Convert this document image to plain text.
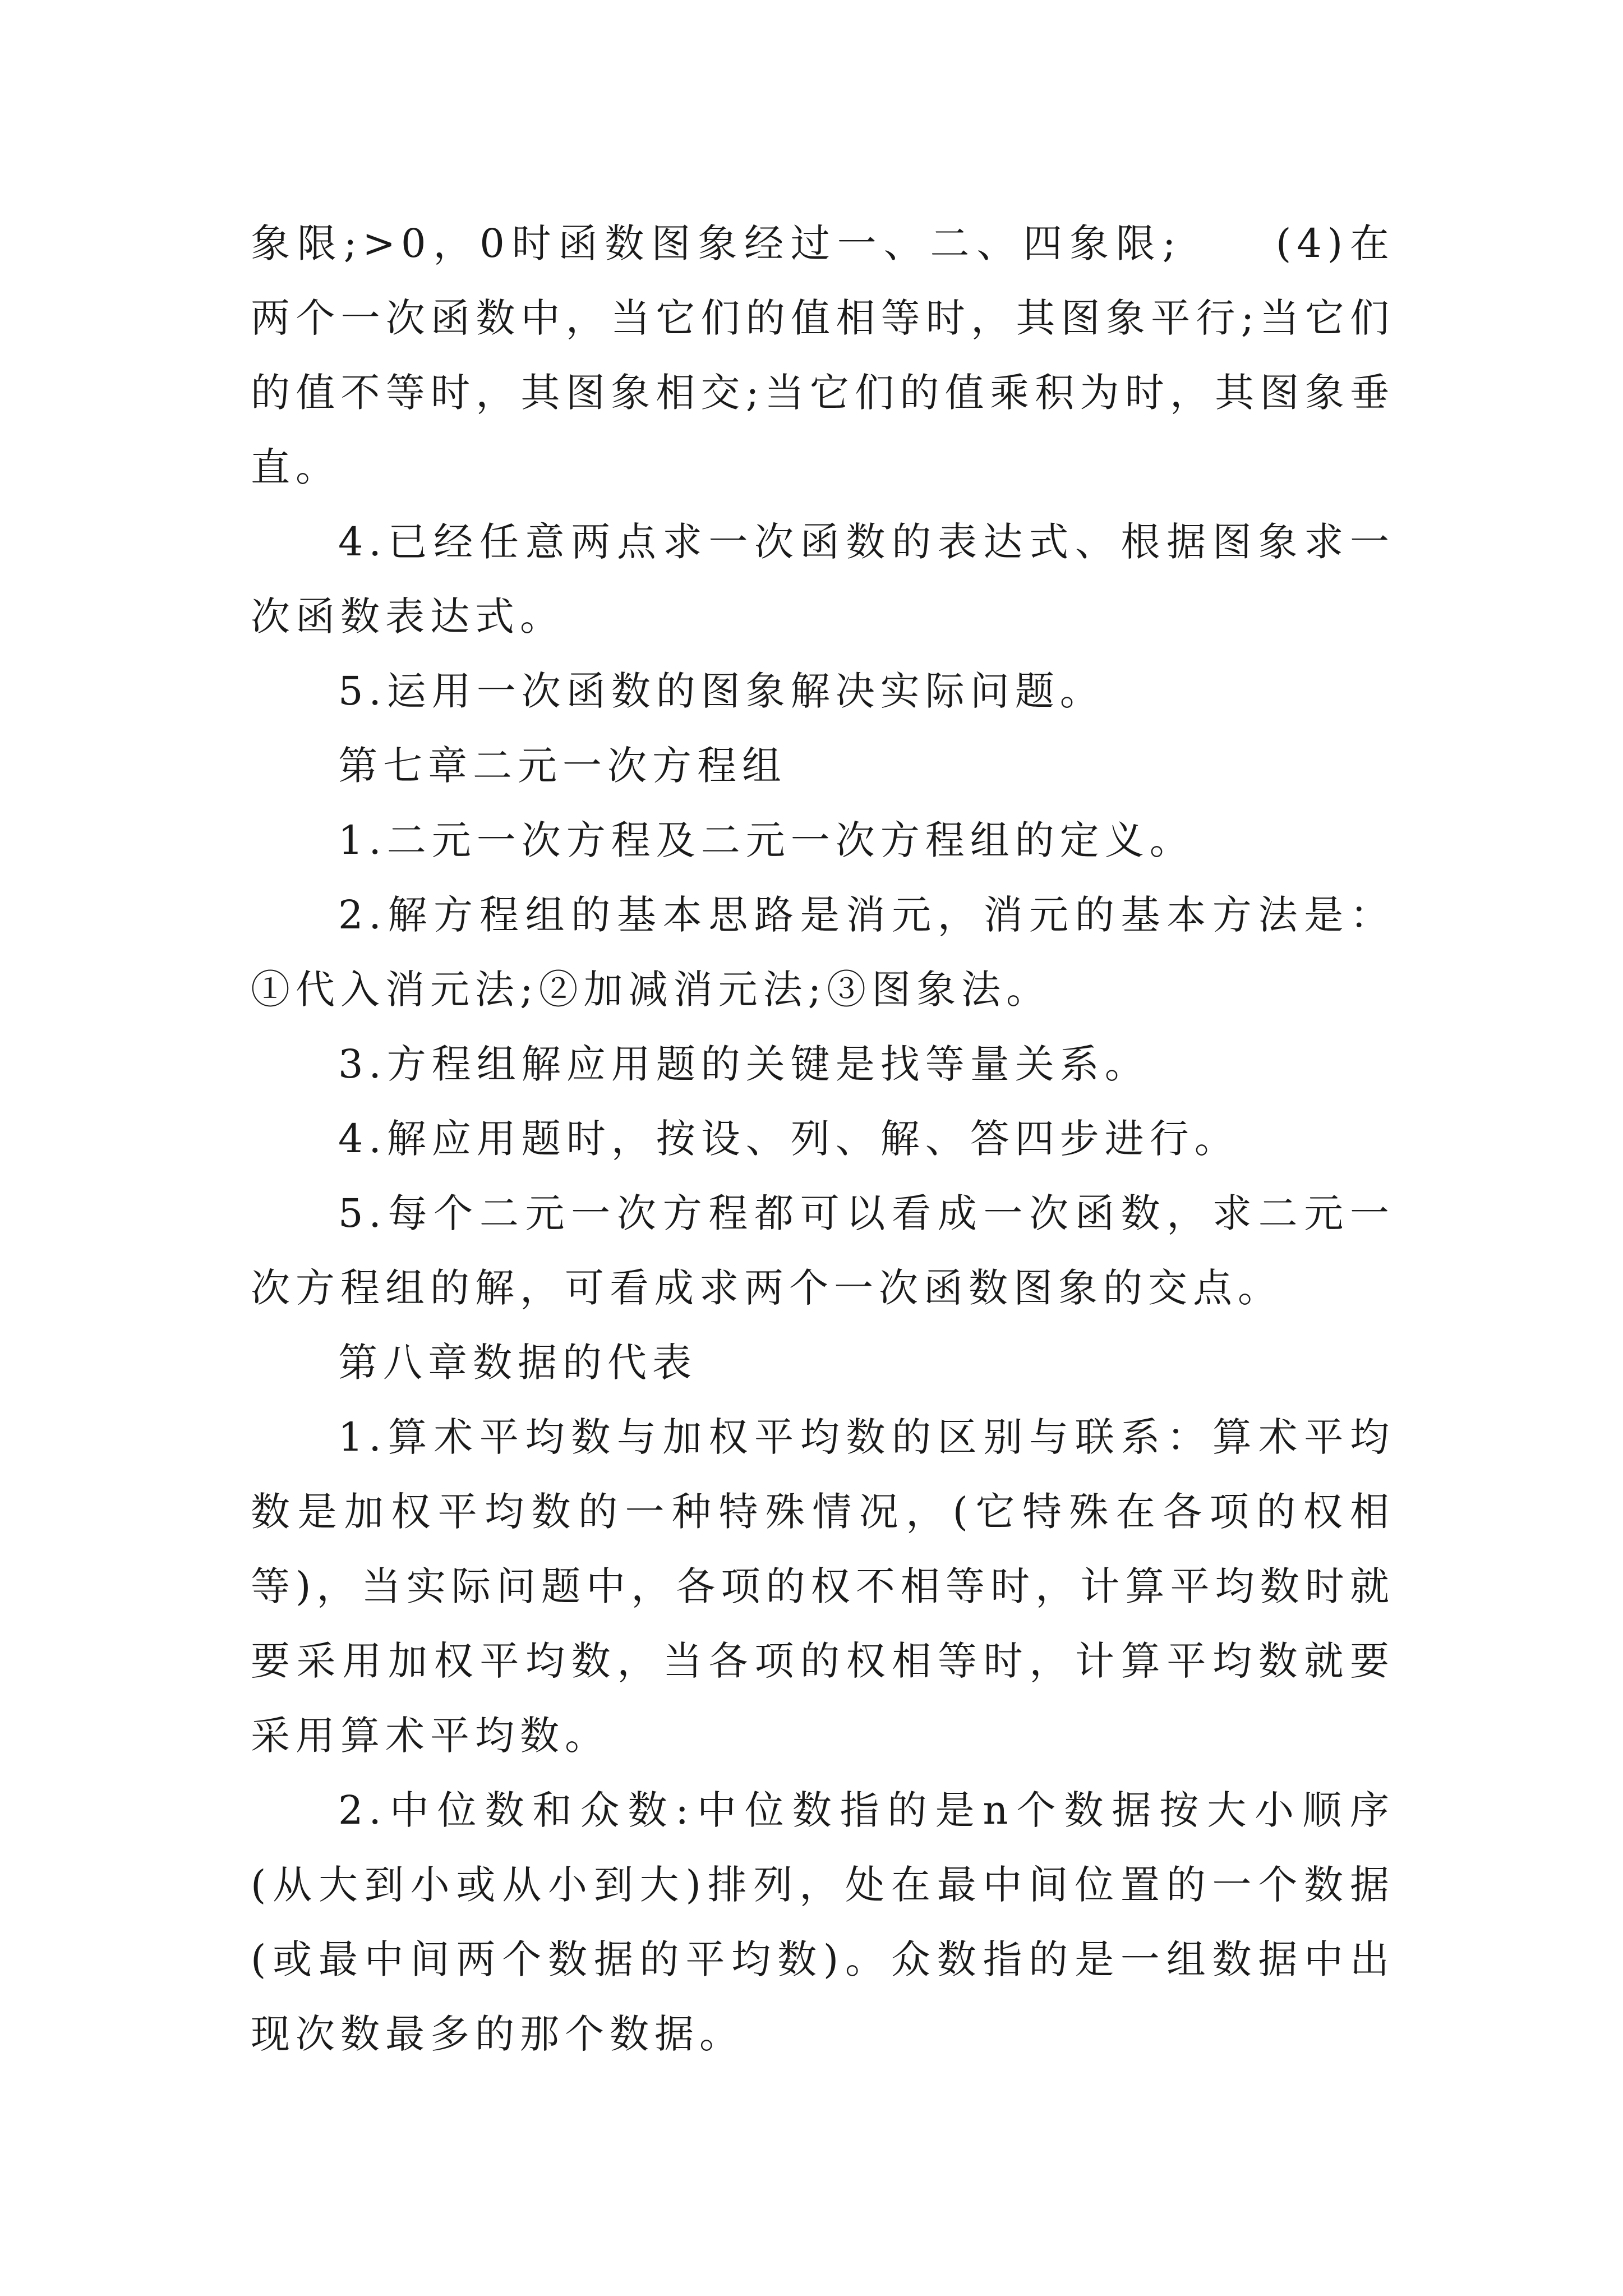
象限;>0，0时函数图象经过一、二、四象限;　　(4)在两个一次函数中，当它们的值相等时，其图象平行;当它们的值不等时，其图象相交;当它们的值乘积为时，其图象垂直。

4.已经任意两点求一次函数的表达式、根据图象求一次函数表达式。

5.运用一次函数的图象解决实际问题。

第七章二元一次方程组

1.二元一次方程及二元一次方程组的定义。

2.解方程组的基本思路是消元，消元的基本方法是：①代入消元法;②加减消元法;③图象法。

3.方程组解应用题的关键是找等量关系。

4.解应用题时，按设、列、解、答四步进行。

5.每个二元一次方程都可以看成一次函数，求二元一次方程组的解，可看成求两个一次函数图象的交点。

第八章数据的代表

1.算术平均数与加权平均数的区别与联系：算术平均数是加权平均数的一种特殊情况，(它特殊在各项的权相等)，当实际问题中，各项的权不相等时，计算平均数时就要采用加权平均数，当各项的权相等时，计算平均数就要采用算术平均数。

2.中位数和众数:中位数指的是n个数据按大小顺序(从大到小或从小到大)排列，处在最中间位置的一个数据(或最中间两个数据的平均数)。众数指的是一组数据中出现次数最多的那个数据。
